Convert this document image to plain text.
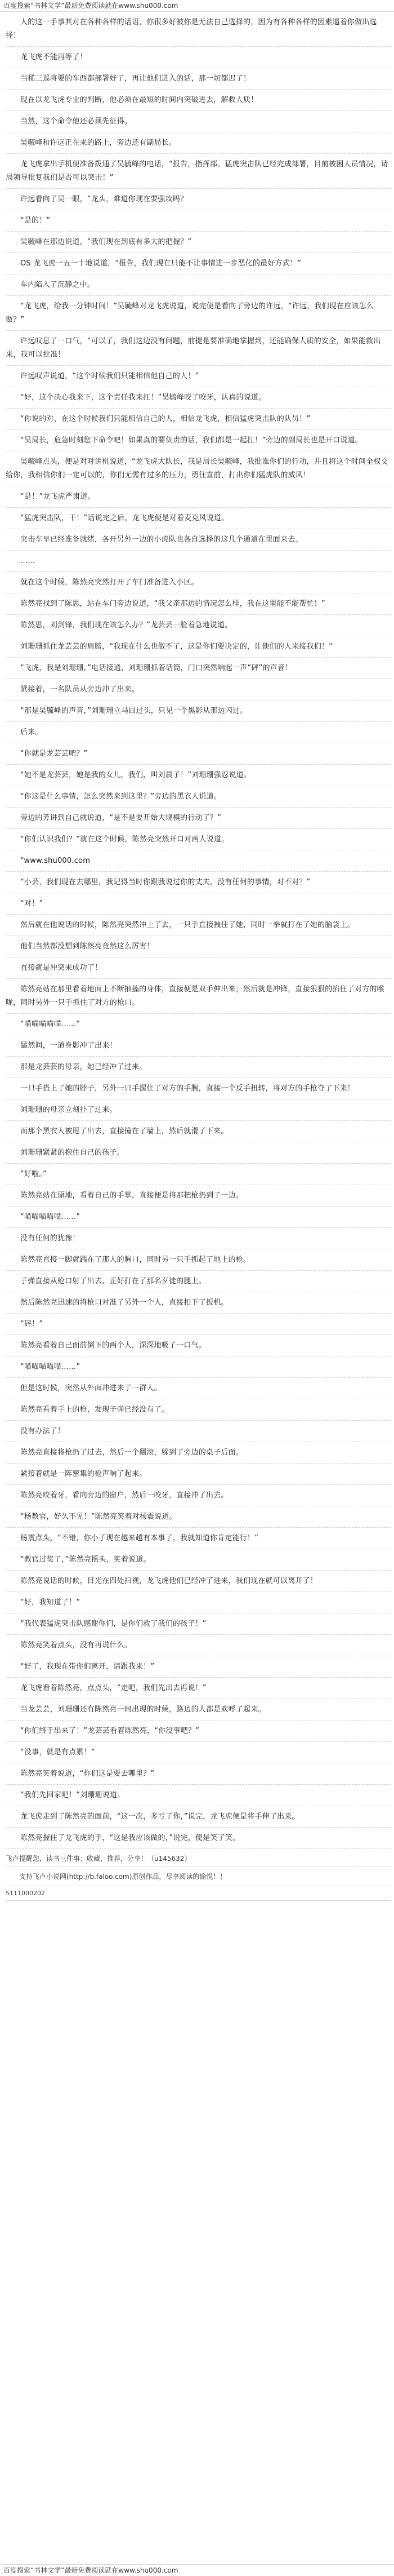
百度搜索“书林文学”最新免费阅读就在www.shu000.com

人的这一手事其对在各种各样的话语，你很多好被你是无法自己选择的，因为有各种各样的因素逼着你做出选择！

龙飞虎不能再等了！

当稀三巡将要的车西都部署好了，再让他们进入的话，那一切都迟了！

现在以龙飞虎专业的判断，他必须在最短的时间内突破进去，解救人质！

当然，这个命令他还必须先征得。

吴毓峰和许远正在来的路上，旁边还有副局长。

龙飞虎拿出手机便准备拨通了吴毓峰的电话，“报告，指挥部。猛虎突击队已经完成部署，目前被困人员情况，请局领导批复我们是否可以突击！”

许远看向了吴一眼，“龙头，难道你现在要强攻吗？

“是的！”

吴毓峰在那边说道，“我们现在到底有多大的把握？”

OS 龙飞虎一五一十地说道，“报告，我们现在只能不让事情进一步恶化的最好方式！”

车内陷入了沉静之中。

“龙飞虎，给我一分钟时间！”吴毓峰对龙飞虎说道，说完便是看向了旁边的许远，“许远，我们现在应该怎么做？”

许远叹息了一口气，“可以了，我们这边没有问题，前提是要准确地掌握到，还能确保人质的安全，如果能救出来，我可以批准！

许远叹声说道，“这个时候我们只能相信他自己的人！”

“好，这个决心我来下，这个责任我来扛！”吴毓峰咬了咬牙，认真的说道。

“你说的对，在这个时候我们只能相信自己的人，相信龙飞虎，相信猛虎突击队的队员！”

“吴局长，危急时刻您下命令吧！如果真的要负责的话，我们都是一起扛！”旁边的副局长也是开口说道。

吴毓峰点头，便是对对讲机说道，“龙飞虎大队长，我是局长吴毓峰，我批准你们的行动，并且将这个时间全权交给你，我相信你们一定可以的，你们无需有过多的压力，勇往直前，打出你们猛虎队的威风！

“是！”龙飞虎严肃道。

“猛虎突击队，干！”话说完之后，龙飞虎便是对着麦克风说道。

突击车早已经准备就绪，各开另外一边的小虎队也各自选择的这几个通道在里面来去。

……

就在这个时候，陈然亮突然打开了车门准备进入小区。

陈然亮找到了陈思，站在车门旁边说道，“我父亲那边的情况怎么样，我在这里能不能帮忙！”

陈然思，刘剑锋，我们现在该怎么办？”龙芸芸一脸着急地说道。

刘珊珊抓住龙芸芸的肩膀，“我现在什么也做不了，这是你们要决定的，让他们的人来接我们！”

“飞虎，我是刘珊珊，”电话接通，刘珊珊抓着话筒，门口突然响起一声“砰”的声音！

紧接着，一名队员从旁边冲了出来。

“那是吴毓峰的声音，”刘珊珊立马回过头，只见一个黑影从那边闪过。

后来。

“你就是龙芸芸吧？”

“她不是龙芸芸，她是我的女儿，我们，叫刘晨子！”刘珊珊强忍说道。

“你这是什么事情，怎么突然来到这里？”旁边的黑衣人说道。

旁边的芳讲到自己就说道，“是不是要开始大规模的行动了？”

“你们认识我们？”就在这个时候，陈然亮突然开口对两人说道。

“www.shu000.com

“小芸，我们现在去哪里，我记得当时你跟我说过你的丈夫，没有任何的事情，对不对？”

“对！”

然后就在他说话的时候，陈然亮突然冲上了去，一只手直接拽住了她，同时一拳就打在了她的脑袋上。

他们当然都没想到陈然亮竟然这么厉害！

直接就是冲突来成功了！

陈然亮站在那里看着地面上不断抽搐的身体，直接便是双手伸出来，然后就是冲锋，直接狠狠的掐住了对方的喉咙，同时另外一只手抓住了对方的枪口。

“喵喵喵喵喵……”

猛然间，一道身影冲了出来！

那是龙芸芸的母亲，她已经冲了过来。

一只手搭上了她的脖子，另外一只手握住了对方的手腕，直接一个反手扭转，将对方的手枪夺了下来！

刘珊珊的母亲立刻扑了过来。

而那个黑衣人被甩了出去，直接撞在了墙上，然后就滑了下来。

刘珊珊紧紧的抱住自己的孩子。

“好啦。”

陈然亮站在原地，看着自己的手掌，直接便是将那把枪扔到了一边。

“喵喵喵喵喵……”

没有任何的犹豫！

陈然亮直接一脚就踹在了那人的胸口，同时另一只手抓起了地上的枪。

子弹直接从枪口射了出去，正好打在了那名歹徒的腿上。

然后陈然亮迅速的将枪口对准了另外一个人，直接扣下了扳机。

“砰！”

陈然亮看着自己面前倒下的两个人，深深地吸了一口气。

“喵喵喵喵喵……”

但是这时候，突然从外面冲进来了一群人。

陈然亮看着手上的枪，发现子弹已经没有了。

没有办法了！

陈然亮直接将枪扔了过去，然后一个翻滚，躲到了旁边的桌子后面。

紧接着就是一阵密集的枪声响了起来。

陈然亮咬着牙，看向旁边的窗户，然后一咬牙，直接冲了出去。

“杨教官，好久不见！”陈然亮笑着对杨震说道。

杨震点头，“不错，你小子现在越来越有本事了，我就知道你肯定能行！”

“教官过奖了，”陈然亮摇头，笑着说道。

陈然亮说话的时候，目光在四处扫视，龙飞虎他们已经冲了进来，我们现在就可以离开了！

“好，我知道了！”

“我代表猛虎突击队感谢你们，是你们救了我们的孩子！”

陈然亮笑着点头，没有再说什么。

“好了，我现在带你们离开，请跟我来！”

龙飞虎看着陈然亮，点点头，“走吧，我们先出去再说！”

当龙芸芸，刘珊珊还有陈然亮一同出现的时候，路边的人都是欢呼了起来。

“你们终于出来了！”龙芸芸看着陈然亮，“你没事吧？”

“没事，就是有点累！”

陈然亮笑着说道，“你们这是要去哪里？”

“我们先回家吧！”刘珊珊说道。

龙飞虎走到了陈然亮的面前，“这一次，多亏了你，”说完，龙飞虎便是将手伸了出来。

陈然亮握住了龙飞虎的手，“这是我应该做的，”说完，便是笑了笑。

飞卢提醒您，读书三件事：收藏，推荐，分享！（u145632）
支持飞卢小说网(http://b.faloo.com)原创作品，尽享阅读的愉悦！！
5111000202
百度搜索“书林文学”最新免费阅读就在www.shu000.com
